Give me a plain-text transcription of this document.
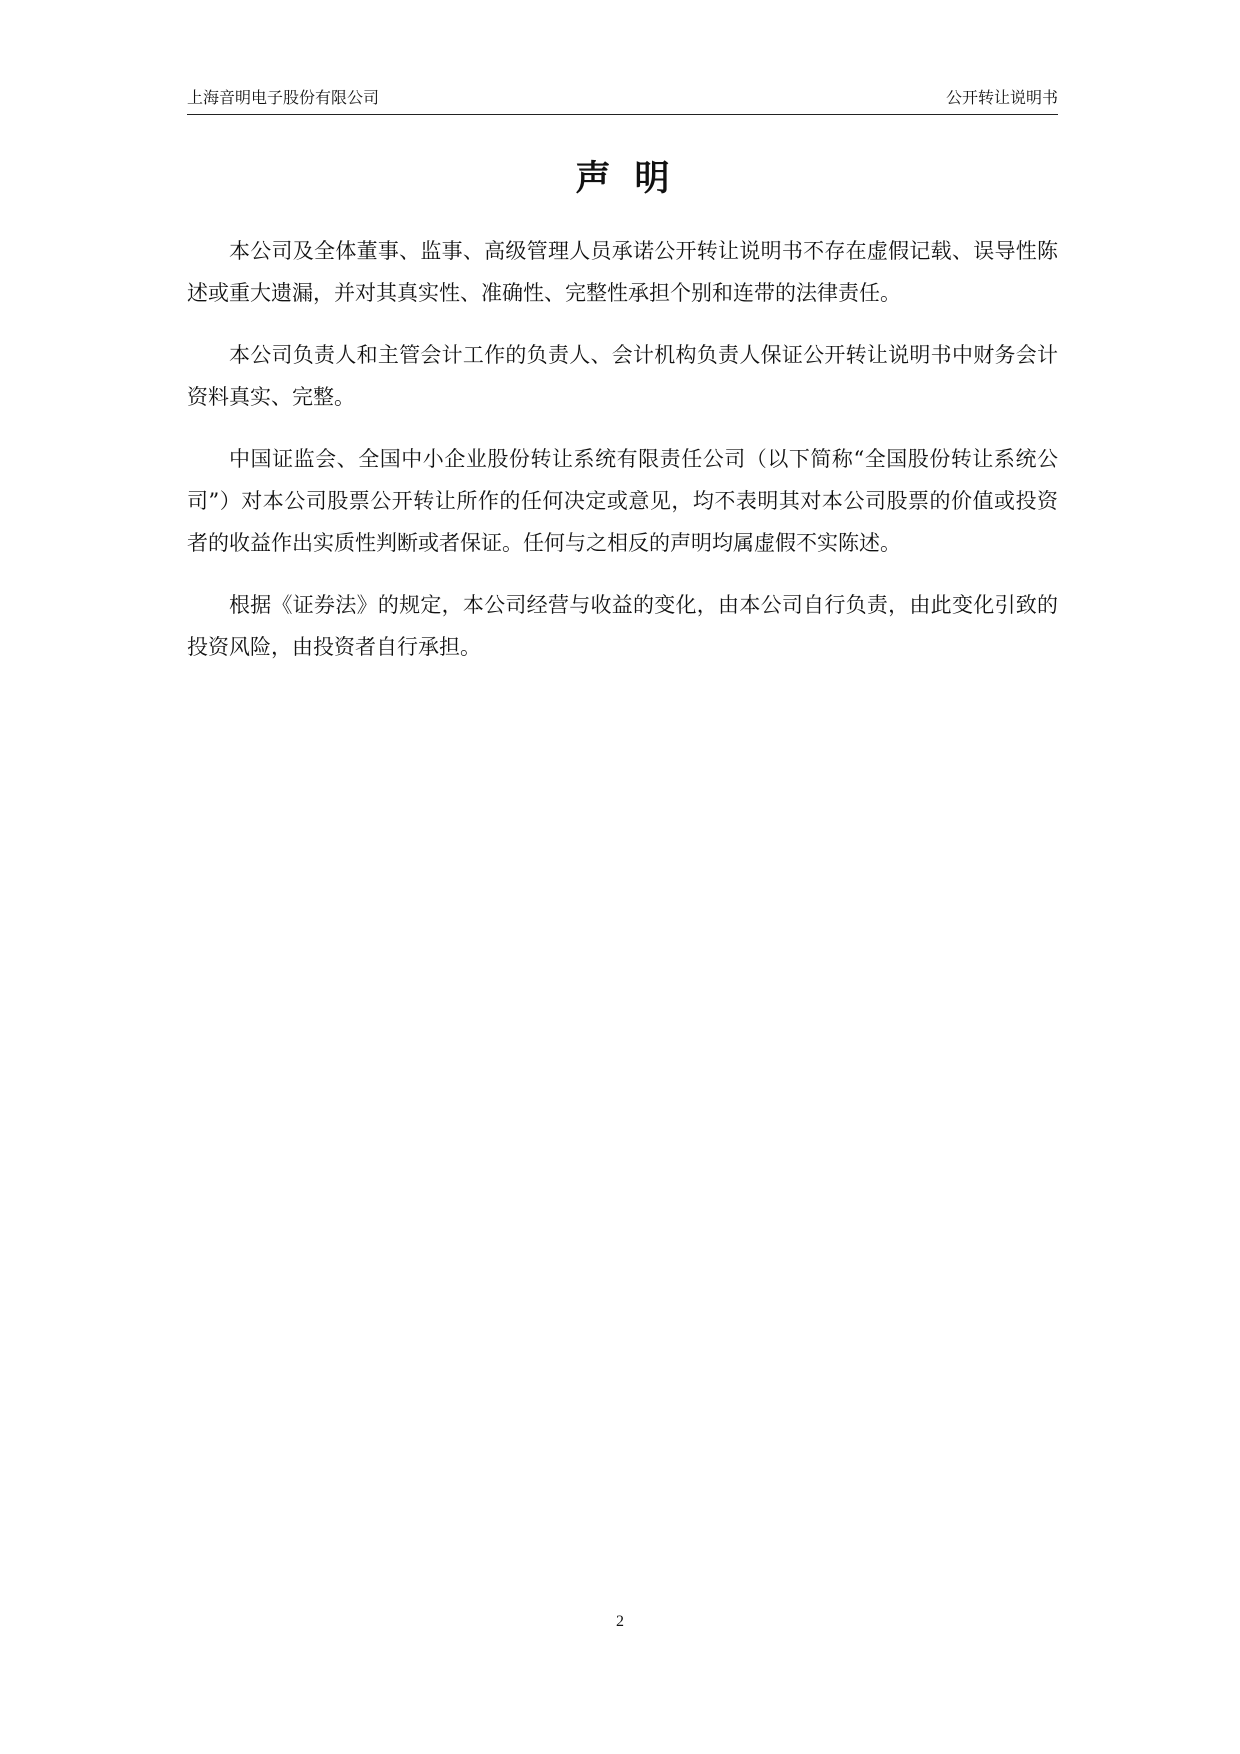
上海音明电子股份有限公司	公开转让说明书
声明

本公司及全体董事、监事、高级管理人员承诺公开转让说明书不存在虚假记载、误导性陈述或重大遗漏，并对其真实性、准确性、完整性承担个别和连带的法律责任。

本公司负责人和主管会计工作的负责人、会计机构负责人保证公开转让说明书中财务会计资料真实、完整。

中国证监会、全国中小企业股份转让系统有限责任公司（以下简称“全国股份转让系统公司”）对本公司股票公开转让所作的任何决定或意见，均不表明其对本公司股票的价值或投资者的收益作出实质性判断或者保证。任何与之相反的声明均属虚假不实陈述。

根据《证券法》的规定，本公司经营与收益的变化，由本公司自行负责，由此变化引致的投资风险，由投资者自行承担。

2
